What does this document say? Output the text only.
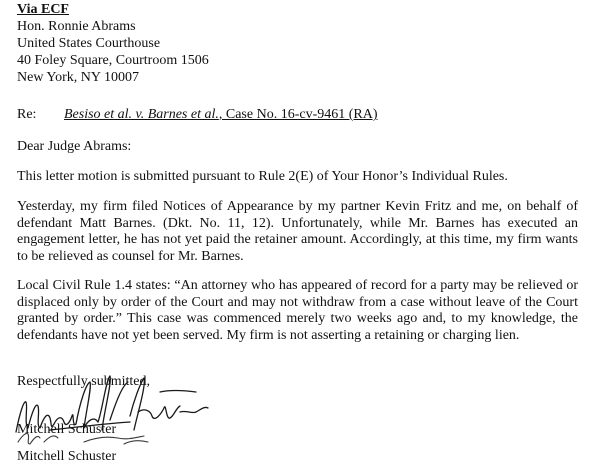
Via ECF
Hon. Ronnie Abrams
United States Courthouse
40 Foley Square, Courtroom 1506
New York, NY 10007
Re: Besiso et al. v. Barnes et al., Case No. 16-cv-9461 (RA)
Dear Judge Abrams:
This letter motion is submitted pursuant to Rule 2(E) of Your Honor’s Individual Rules.
Yesterday, my firm filed Notices of Appearance by my partner Kevin Fritz and me, on behalf of defendant Matt Barnes. (Dkt. No. 11, 12). Unfortunately, while Mr. Barnes has executed an engagement letter, he has not yet paid the retainer amount. Accordingly, at this time, my firm wants to be relieved as counsel for Mr. Barnes.
Local Civil Rule 1.4 states: “An attorney who has appeared of record for a party may be relieved or displaced only by order of the Court and may not withdraw from a case without leave of the Court granted by order.” This case was commenced merely two weeks ago and, to my knowledge, the defendants have not yet been served. My firm is not asserting a retaining or charging lien.
Respectfully submitted,
Mitchell Schuster
Mitchell Schuster
